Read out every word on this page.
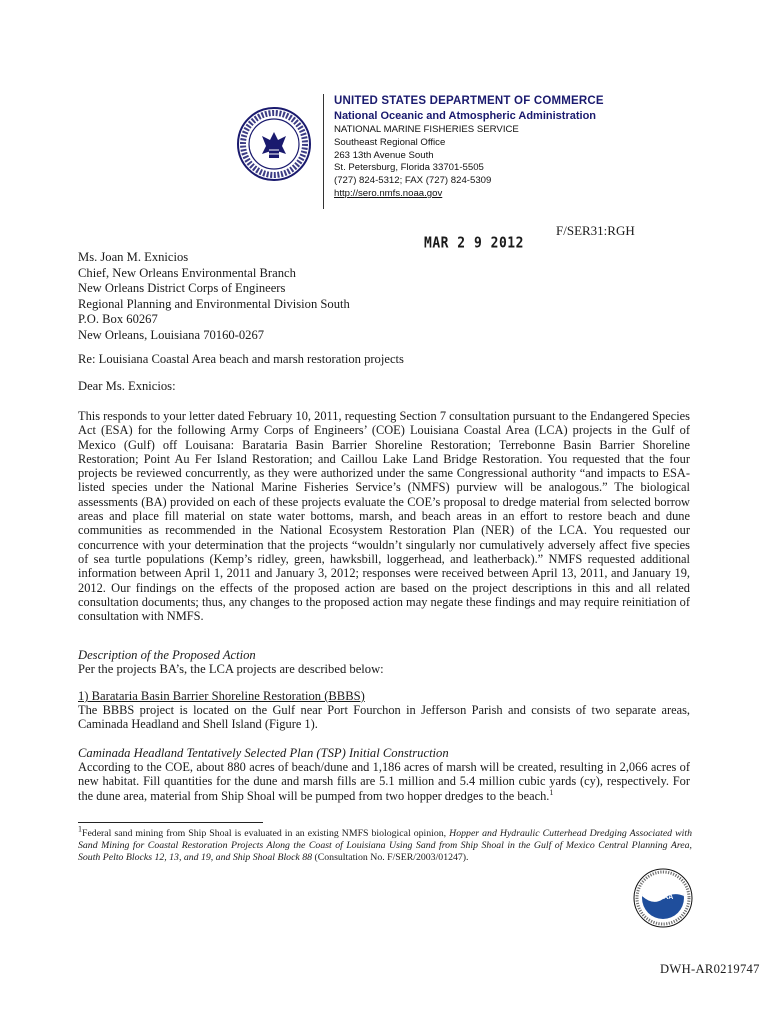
UNITED STATES DEPARTMENT OF COMMERCE
National Oceanic and Atmospheric Administration
NATIONAL MARINE FISHERIES SERVICE
Southeast Regional Office
263 13th Avenue South
St. Petersburg, Florida 33701-5505
(727) 824-5312; FAX (727) 824-5309
http://sero.nmfs.noaa.gov
F/SER31:RGH
MAR 2 9 2012
Ms. Joan M. Exnicios
Chief, New Orleans Environmental Branch
New Orleans District Corps of Engineers
Regional Planning and Environmental Division South
P.O. Box 60267
New Orleans, Louisiana 70160-0267
Re: Louisiana Coastal Area beach and marsh restoration projects
Dear Ms. Exnicios:
This responds to your letter dated February 10, 2011, requesting Section 7 consultation pursuant to the Endangered Species Act (ESA) for the following Army Corps of Engineers’ (COE) Louisiana Coastal Area (LCA) projects in the Gulf of Mexico (Gulf) off Louisana: Barataria Basin Barrier Shoreline Restoration; Terrebonne Basin Barrier Shoreline Restoration; Point Au Fer Island Restoration; and Caillou Lake Land Bridge Restoration. You requested that the four projects be reviewed concurrently, as they were authorized under the same Congressional authority “and impacts to ESA-listed species under the National Marine Fisheries Service’s (NMFS) purview will be analogous.” The biological assessments (BA) provided on each of these projects evaluate the COE’s proposal to dredge material from selected borrow areas and place fill material on state water bottoms, marsh, and beach areas in an effort to restore beach and dune communities as recommended in the National Ecosystem Restoration Plan (NER) of the LCA. You requested our concurrence with your determination that the projects “wouldn’t singularly nor cumulatively adversely affect five species of sea turtle populations (Kemp’s ridley, green, hawksbill, loggerhead, and leatherback).” NMFS requested additional information between April 1, 2011 and January 3, 2012; responses were received between April 13, 2011, and January 19, 2012. Our findings on the effects of the proposed action are based on the project descriptions in this and all related consultation documents; thus, any changes to the proposed action may negate these findings and may require reinitiation of consultation with NMFS.
Description of the Proposed Action
Per the projects BA’s, the LCA projects are described below:
1) Barataria Basin Barrier Shoreline Restoration (BBBS)
The BBBS project is located on the Gulf near Port Fourchon in Jefferson Parish and consists of two separate areas, Caminada Headland and Shell Island (Figure 1).
Caminada Headland Tentatively Selected Plan (TSP) Initial Construction
According to the COE, about 880 acres of beach/dune and 1,186 acres of marsh will be created, resulting in 2,066 acres of new habitat. Fill quantities for the dune and marsh fills are 5.1 million and 5.4 million cubic yards (cy), respectively. For the dune area, material from Ship Shoal will be pumped from two hopper dredges to the beach.$^1$
$^1$Federal sand mining from Ship Shoal is evaluated in an existing NMFS biological opinion, Hopper and Hydraulic Cutterhead Dredging Associated with Sand Mining for Coastal Restoration Projects Along the Coast of Louisiana Using Sand from Ship Shoal in the Gulf of Mexico Central Planning Area, South Pelto Blocks 12, 13, and 19, and Ship Shoal Block 88 (Consultation No. F/SER/2003/01247).
NOAA
DWH-AR0219747
